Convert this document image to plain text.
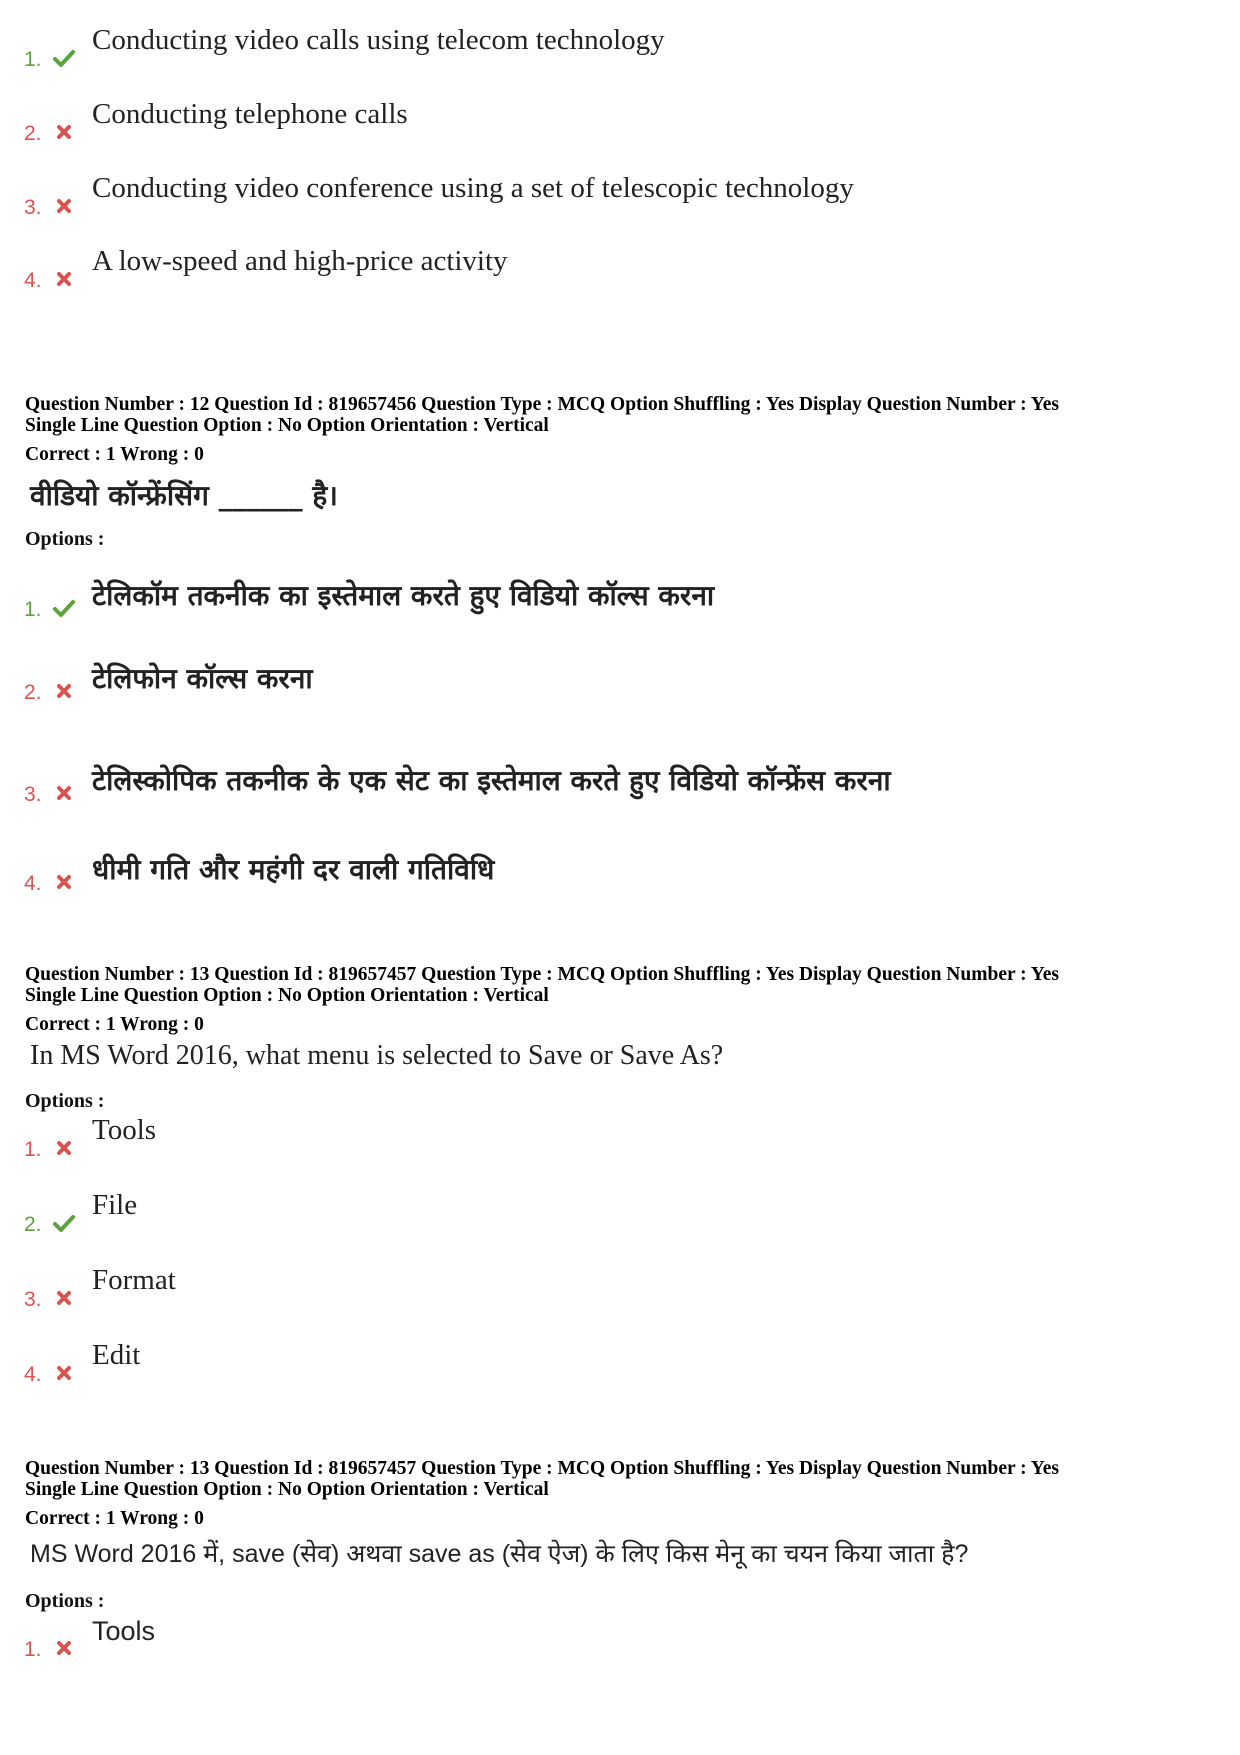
1.
Conducting video calls using telecom technology
2.
Conducting telephone calls
3.
Conducting video conference using a set of telescopic technology
4.
A low-speed and high-price activity
Question Number : 12 Question Id : 819657456 Question Type : MCQ Option Shuffling : Yes Display Question Number : Yes
Single Line Question Option : No Option Orientation : Vertical
Correct : 1 Wrong : 0
वीडियो कॉन्फ्रेंसिंग ______ है।
Options :
1. टेलिकॉम तकनीक का इस्तेमाल करते हुए विडियो कॉल्स करना
2. टेलिफोन कॉल्स करना
3. टेलिस्कोपिक तकनीक के एक सेट का इस्तेमाल करते हुए विडियो कॉन्फ्रेंस करना
4. धीमी गति और महंगी दर वाली गतिविधि
Question Number : 13 Question Id : 819657457 Question Type : MCQ Option Shuffling : Yes Display Question Number : Yes
Single Line Question Option : No Option Orientation : Vertical
Correct : 1 Wrong : 0
In MS Word 2016, what menu is selected to Save or Save As?
Options :
1.
Tools
2.
File
3.
Format
4.
Edit
Question Number : 13 Question Id : 819657457 Question Type : MCQ Option Shuffling : Yes Display Question Number : Yes
Single Line Question Option : No Option Orientation : Vertical
Correct : 1 Wrong : 0
MS Word 2016 में, save (सेव) अथवा save as (सेव ऐज) के लिए किस मेनू का चयन किया जाता है?
Options :
1.
Tools
